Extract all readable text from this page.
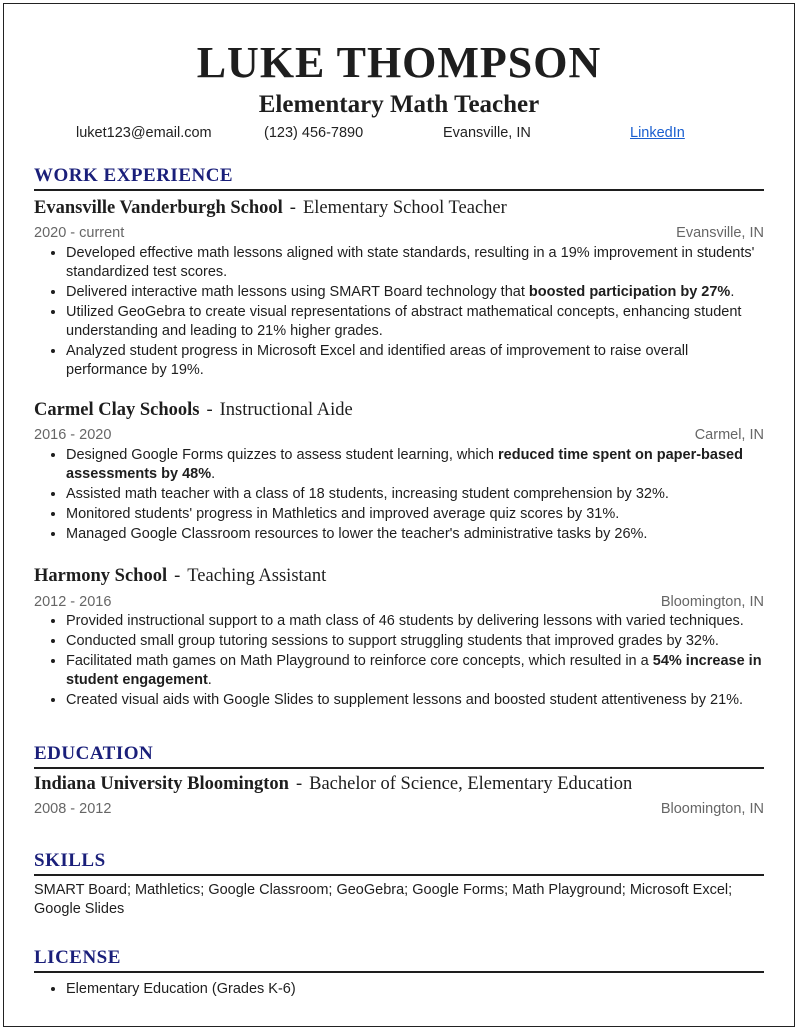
LUKE THOMPSON
Elementary Math Teacher
luket123@email.com	(123) 456-7890	Evansville, IN	LinkedIn
WORK EXPERIENCE
Evansville Vanderburgh School - Elementary School Teacher
2020 - current	Evansville, IN
• Developed effective math lessons aligned with state standards, resulting in a 19% improvement in students' standardized test scores.
• Delivered interactive math lessons using SMART Board technology that boosted participation by 27%.
• Utilized GeoGebra to create visual representations of abstract mathematical concepts, enhancing student understanding and leading to 21% higher grades.
• Analyzed student progress in Microsoft Excel and identified areas of improvement to raise overall performance by 19%.
Carmel Clay Schools - Instructional Aide
2016 - 2020	Carmel, IN
• Designed Google Forms quizzes to assess student learning, which reduced time spent on paper-based assessments by 48%.
• Assisted math teacher with a class of 18 students, increasing student comprehension by 32%.
• Monitored students' progress in Mathletics and improved average quiz scores by 31%.
• Managed Google Classroom resources to lower the teacher's administrative tasks by 26%.
Harmony School - Teaching Assistant
2012 - 2016	Bloomington, IN
• Provided instructional support to a math class of 46 students by delivering lessons with varied techniques.
• Conducted small group tutoring sessions to support struggling students that improved grades by 32%.
• Facilitated math games on Math Playground to reinforce core concepts, which resulted in a 54% increase in student engagement.
• Created visual aids with Google Slides to supplement lessons and boosted student attentiveness by 21%.
EDUCATION
Indiana University Bloomington - Bachelor of Science, Elementary Education
2008 - 2012	Bloomington, IN
SKILLS
SMART Board; Mathletics; Google Classroom; GeoGebra; Google Forms; Math Playground; Microsoft Excel; Google Slides
LICENSE
• Elementary Education (Grades K-6)
